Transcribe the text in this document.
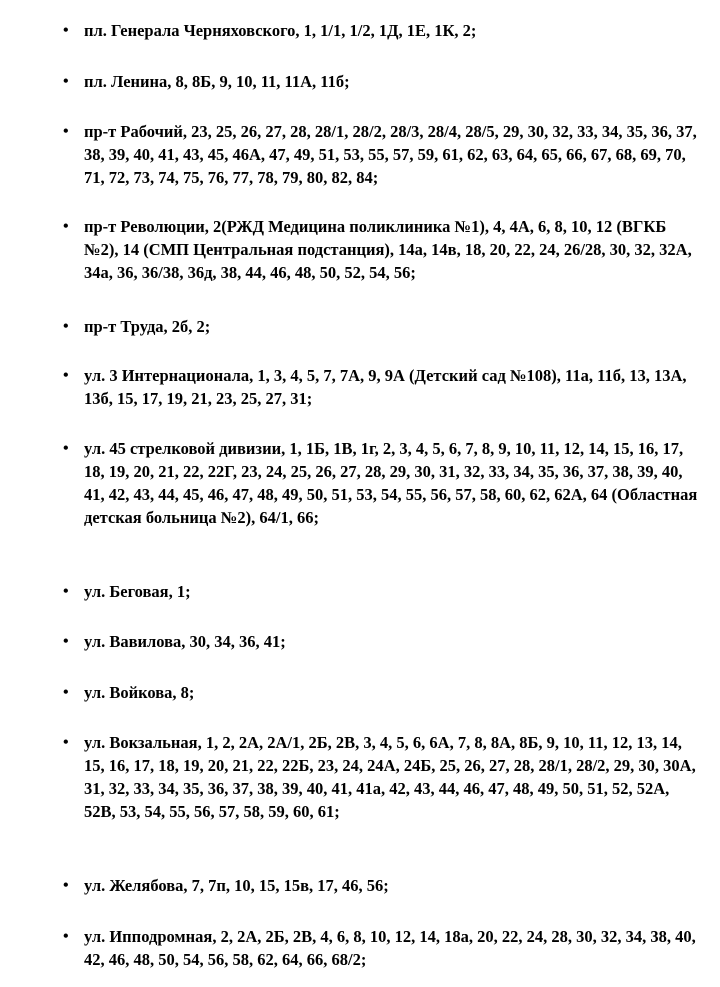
• пл. Генерала Черняховского, 1, 1/1, 1/2, 1Д, 1Е, 1К, 2;
• пл. Ленина, 8, 8Б, 9, 10, 11, 11А, 11б;
• пр-т Рабочий, 23, 25, 26, 27, 28, 28/1, 28/2, 28/3, 28/4, 28/5, 29, 30, 32, 33, 34, 35, 36, 37, 38, 39, 40, 41, 43, 45, 46А, 47, 49, 51, 53, 55, 57, 59, 61, 62, 63, 64, 65, 66, 67, 68, 69, 70, 71, 72, 73, 74, 75, 76, 77, 78, 79, 80, 82, 84;
• пр-т Революции, 2(РЖД Медицина поликлиника №1), 4, 4А, 6, 8, 10, 12 (ВГКБ №2), 14 (СМП Центральная подстанция), 14а, 14в, 18, 20, 22, 24, 26/28, 30, 32, 32А, 34а, 36, 36/38, 36д, 38, 44, 46, 48, 50, 52, 54, 56;
• пр-т Труда, 2б, 2;
• ул. 3 Интернационала, 1, 3, 4, 5, 7, 7А, 9, 9А (Детский сад №108), 11а, 11б, 13, 13А, 13б, 15, 17, 19, 21, 23, 25, 27, 31;
• ул. 45 стрелковой дивизии, 1, 1Б, 1В, 1г, 2, 3, 4, 5, 6, 7, 8, 9, 10, 11, 12, 14, 15, 16, 17, 18, 19, 20, 21, 22, 22Г, 23, 24, 25, 26, 27, 28, 29, 30, 31, 32, 33, 34, 35, 36, 37, 38, 39, 40, 41, 42, 43, 44, 45, 46, 47, 48, 49, 50, 51, 53, 54, 55, 56, 57, 58, 60, 62, 62А, 64 (Областная детская больница №2), 64/1, 66;
• ул. Беговая, 1;
• ул. Вавилова, 30, 34, 36, 41;
• ул. Войкова, 8;
• ул. Вокзальная, 1, 2, 2А, 2А/1, 2Б, 2В, 3, 4, 5, 6, 6А, 7, 8, 8А, 8Б, 9, 10, 11, 12, 13, 14, 15, 16, 17, 18, 19, 20, 21, 22, 22Б, 23, 24, 24А, 24Б, 25, 26, 27, 28, 28/1, 28/2, 29, 30, 30А, 31, 32, 33, 34, 35, 36, 37, 38, 39, 40, 41, 41а, 42, 43, 44, 46, 47, 48, 49, 50, 51, 52, 52А, 52В, 53, 54, 55, 56, 57, 58, 59, 60, 61;
• ул. Желябова, 7, 7п, 10, 15, 15в, 17, 46, 56;
• ул. Ипподромная, 2, 2А, 2Б, 2В, 4, 6, 8, 10, 12, 14, 18а, 20, 22, 24, 28, 30, 32, 34, 38, 40, 42, 46, 48, 50, 54, 56, 58, 62, 64, 66, 68/2;
